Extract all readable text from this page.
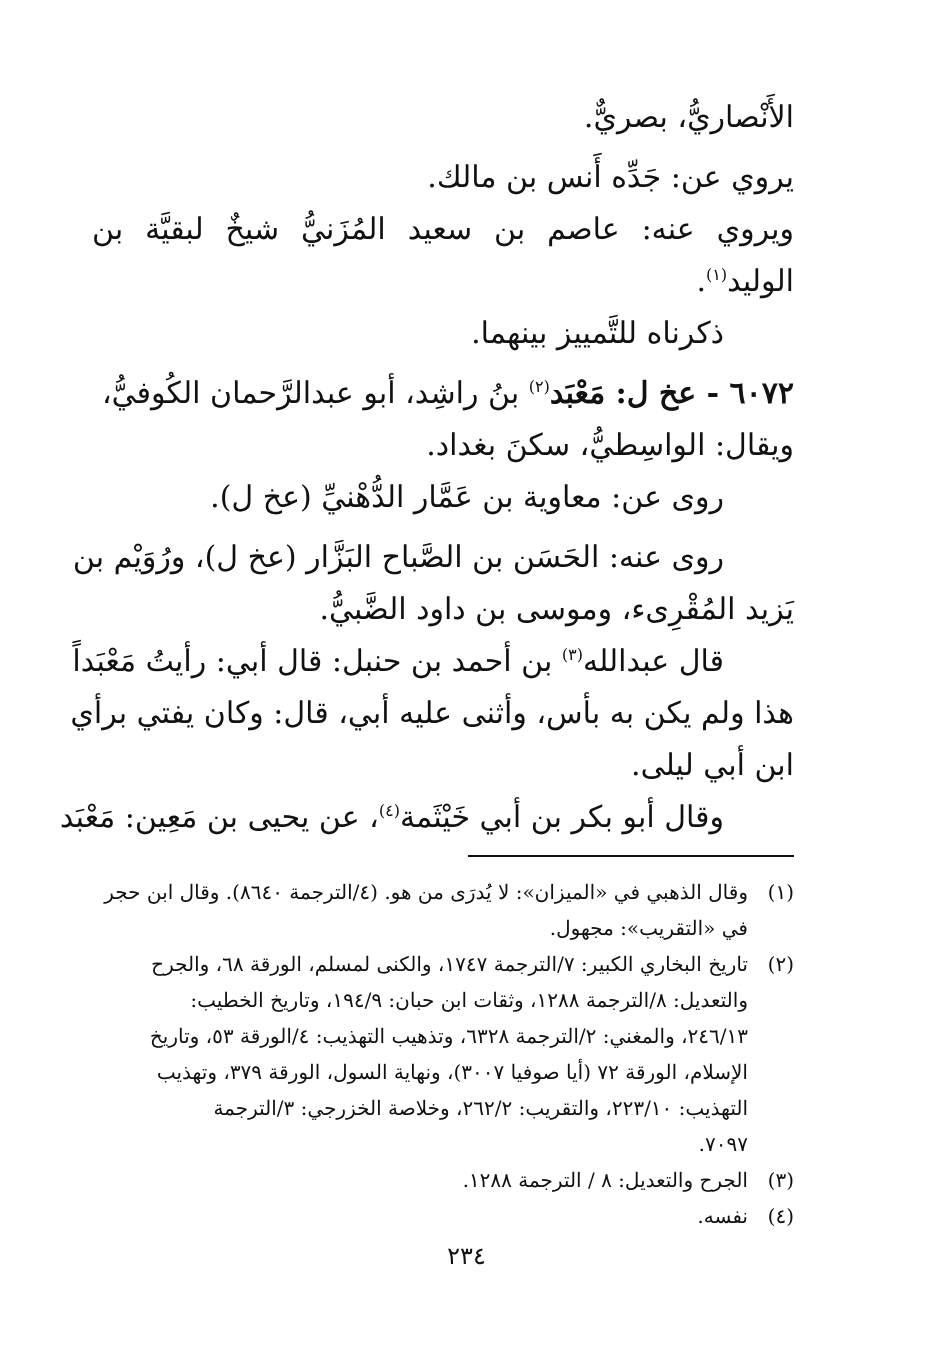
الأَنْصاريُّ، بصريٌّ.
يروي عن: جَدِّه أَنس بن مالك.
ويروي عنه: عاصم بن سعيد المُزَنيُّ شيخٌ لبقيَّة بن
الوليد$^{(١)}$.
ذكرناه للتَّمييز بينهما.
٦٠٧٢ - عخ ل: مَعْبَد$^{(٢)}$ بنُ راشِد، أبو عبدالرَّحمان الكُوفيُّ،
ويقال: الواسِطيُّ، سكنَ بغداد.
روى عن: معاوية بن عَمَّار الدُّهْنيِّ (عخ ل).
روى عنه: الحَسَن بن الصَّباح البَزَّار (عخ ل)، ورُوَيْم بن
يَزيد المُقْرِىء، وموسى بن داود الضَّبيُّ.
قال عبدالله$^{(٣)}$ بن أحمد بن حنبل: قال أبي: رأيتُ مَعْبَداً
هذا ولم يكن به بأس، وأثنى عليه أبي، قال: وكان يفتي برأي
ابن أبي ليلى.
وقال أبو بكر بن أبي خَيْثَمة$^{(٤)}$، عن يحيى بن مَعِين: مَعْبَد
(١)
وقال الذهبي في «الميزان»: لا يُدرَى من هو. (٤/الترجمة ٨٦٤٠). وقال ابن حجر
في «التقريب»: مجهول.
(٢)
تاريخ البخاري الكبير: ٧/الترجمة ١٧٤٧، والكنى لمسلم، الورقة ٦٨، والجرح
والتعديل: ٨/الترجمة ١٢٨٨، وثقات ابن حبان: ١٩٤/٩، وتاريخ الخطيب:
٢٤٦/١٣، والمغني: ٢/الترجمة ٦٣٢٨، وتذهيب التهذيب: ٤/الورقة ٥٣، وتاريخ
الإسلام، الورقة ٧٢ (أيا صوفيا ٣٠٠٧)، ونهاية السول، الورقة ٣٧٩، وتهذيب
التهذيب: ٢٢٣/١٠، والتقريب: ٢٦٢/٢، وخلاصة الخزرجي: ٣/الترجمة
٧٠٩٧.
(٣)
الجرح والتعديل: ٨ / الترجمة ١٢٨٨.
(٤)
نفسه.
٢٣٤
